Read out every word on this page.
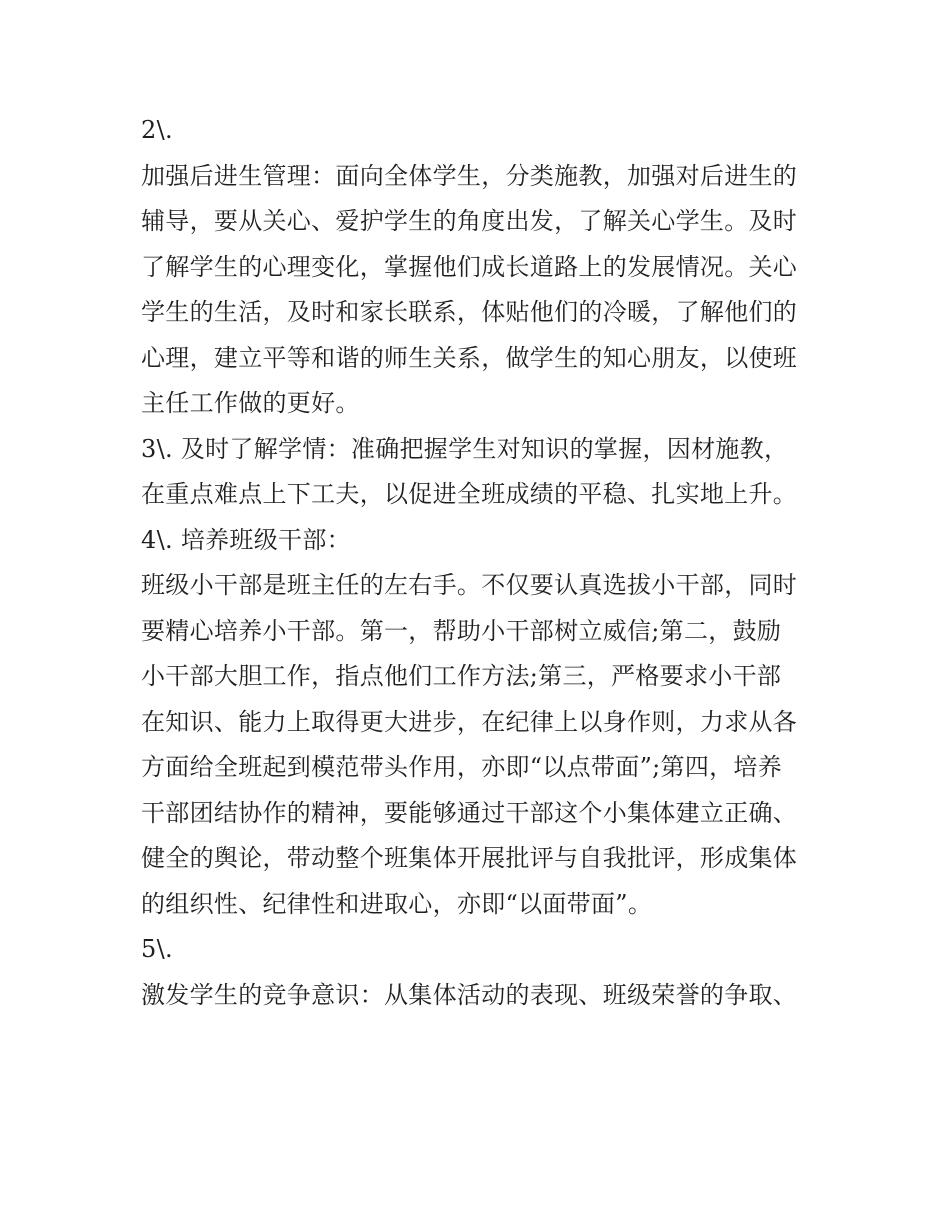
2\.
加强后进生管理：面向全体学生，分类施教，加强对后进生的
辅导，要从关心、爱护学生的角度出发，了解关心学生。及时
了解学生的心理变化，掌握他们成长道路上的发展情况。关心
学生的生活，及时和家长联系，体贴他们的冷暖，了解他们的
心理，建立平等和谐的师生关系，做学生的知心朋友，以使班
主任工作做的更好。
3\. 及时了解学情：准确把握学生对知识的掌握，因材施教，
在重点难点上下工夫，以促进全班成绩的平稳、扎实地上升。
4\. 培养班级干部：
班级小干部是班主任的左右手。不仅要认真选拔小干部，同时
要精心培养小干部。第一，帮助小干部树立威信;第二，鼓励
小干部大胆工作，指点他们工作方法;第三，严格要求小干部
在知识、能力上取得更大进步，在纪律上以身作则，力求从各
方面给全班起到模范带头作用，亦即“以点带面”;第四，培养
干部团结协作的精神，要能够通过干部这个小集体建立正确、
健全的舆论，带动整个班集体开展批评与自我批评，形成集体
的组织性、纪律性和进取心，亦即“以面带面”。
5\.
激发学生的竞争意识：从集体活动的表现、班级荣誉的争取、
